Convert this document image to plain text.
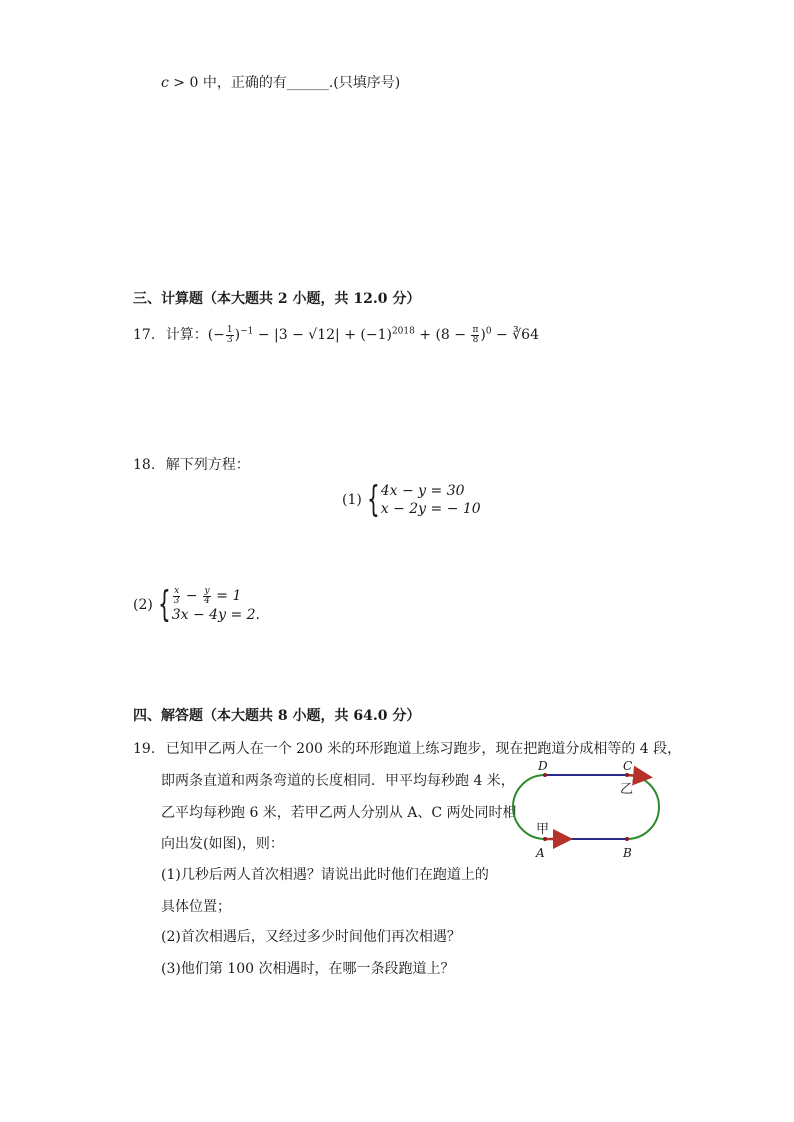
c > 0 中，正确的有______.(只填序号)
三、计算题（本大题共 2 小题，共 12.0 分）
17. 计算：(− $\frac{1}{3} )^{-1} - |3 - √12| + (-1)^{2018} + (8 - \frac{\pi}{8} )^0$ − ∛64
18. 解下列方程：
(1) { 4x − y = 30
x − 2y = − 10
(2) { $\frac{x}{3} - \frac{y}{4} = 1$
3x − 4y = 2.
四、解答题（本大题共 8 小题，共 64.0 分）
19. 已知甲乙两人在一个 200 米的环形跑道上练习跑步，现在把跑道分成相等的 4 段，
即两条直道和两条弯道的长度相同．甲平均每秒跑 4 米，
乙平均每秒跑 6 米，若甲乙两人分别从 A、C 两处同时相
向出发(如图)，则：
(1)几秒后两人首次相遇？请说出此时他们在跑道上的
具体位置；
(2)首次相遇后，又经过多少时间他们再次相遇？
(3)他们第 100 次相遇时，在哪一条段跑道上？
D	C
乙
甲
A	B
